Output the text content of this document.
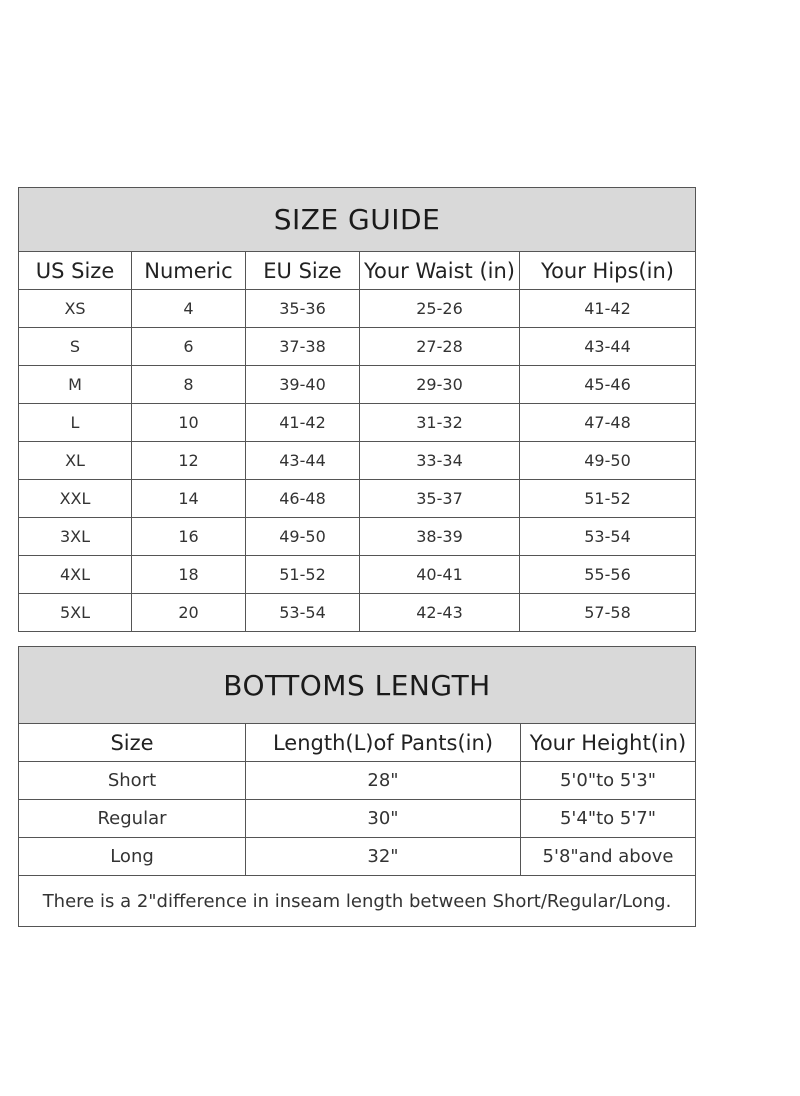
SIZE GUIDE				
US Size	Numeric	EU Size	Your Waist (in)	Your Hips(in)
XS	4	35-36	25-26	41-42
S	6	37-38	27-28	43-44
M	8	39-40	29-30	45-46
L	10	41-42	31-32	47-48
XL	12	43-44	33-34	49-50
XXL	14	46-48	35-37	51-52
3XL	16	49-50	38-39	53-54
4XL	18	51-52	40-41	55-56
5XL	20	53-54	42-43	57-58
BOTTOMS LENGTH		
Size	Length(L)of Pants(in)	Your Height(in)
Short	28"	5'0"to 5'3"
Regular	30"	5'4"to 5'7"
Long	32"	5'8"and above
There is a 2"difference in inseam length between Short/Regular/Long.		
